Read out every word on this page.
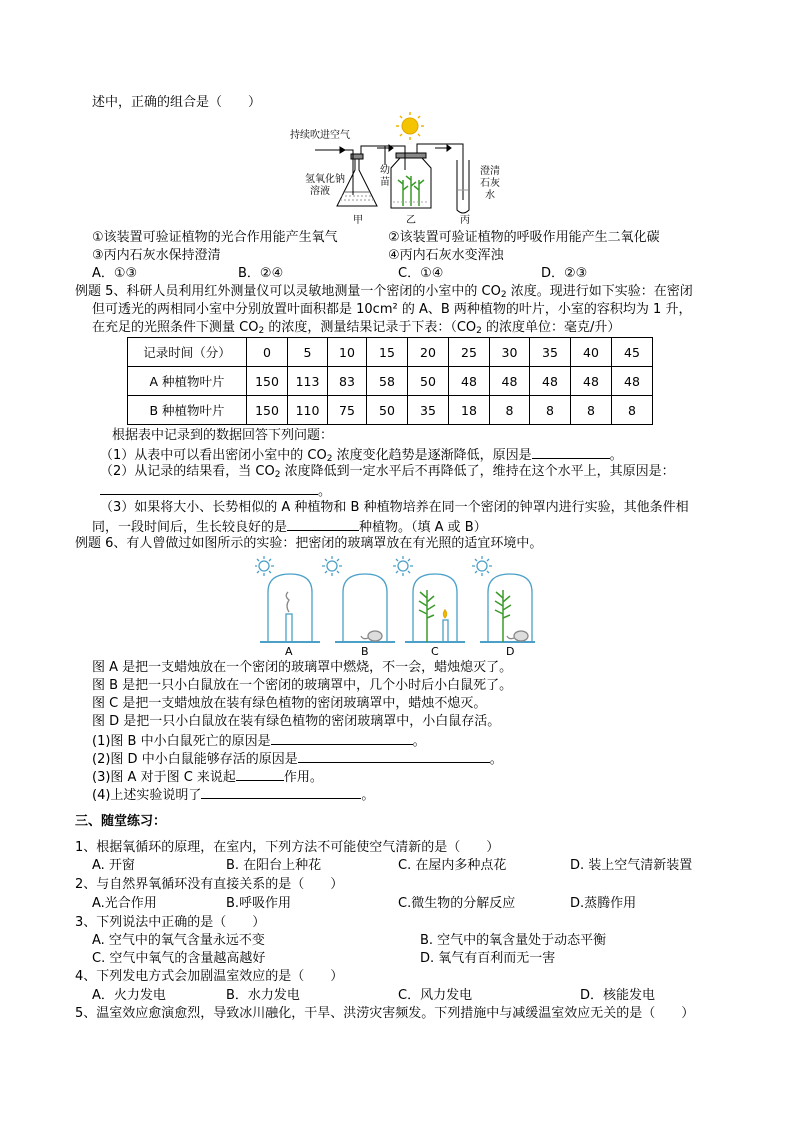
述中，正确的组合是（　　）
持续吹进空气
氢氧化钠
溶液
幼
苗
澄清
石灰
水
甲	乙	丙
①该装置可验证植物的光合作用能产生氧气	②该装置可验证植物的呼吸作用能产生二氧化碳
③丙内石灰水保持澄清	④丙内石灰水变浑浊
A．①③	B．②④	C．①④	D．②③
例题 5、科研人员利用红外测量仪可以灵敏地测量一个密闭的小室中的 $CO_2$ 浓度。现进行如下实验：在密闭
但可透光的两相同小室中分别放置叶面积都是 10cm² 的 A、B 两种植物的叶片，小室的容积均为 1 升，
在充足的光照条件下测量 $CO_2$ 的浓度，测量结果记录于下表：（$CO_2$ 的浓度单位：毫克/升）
记录时间（分）	0	5	10	15	20	25	30	35	40	45
A 种植物叶片	150	113	83	58	50	48	48	48	48	48
B 种植物叶片	150	110	75	50	35	18	8	8	8	8
根据表中记录到的数据回答下列问题：
（1）从表中可以看出密闭小室中的 $CO_2$ 浓度变化趋势是逐渐降低，原因是	。
（2）从记录的结果看，当 $CO_2$ 浓度降低到一定水平后不再降低了，维持在这个水平上，其原因是：
。
（3）如果将大小、长势相似的 A 种植物和 B 种植物培养在同一个密闭的钟罩内进行实验，其他条件相
同，一段时间后，生长较良好的是	种植物。（填 A 或 B）
例题 6、有人曾做过如图所示的实验：把密闭的玻璃罩放在有光照的适宜环境中。
A	B	C	D
图 A 是把一支蜡烛放在一个密闭的玻璃罩中燃烧，不一会，蜡烛熄灭了。
图 B 是把一只小白鼠放在一个密闭的玻璃罩中，几个小时后小白鼠死了。
图 C 是把一支蜡烛放在装有绿色植物的密闭玻璃罩中，蜡烛不熄灭。
图 D 是把一只小白鼠放在装有绿色植物的密闭玻璃罩中，小白鼠存活。
(1)图 B 中小白鼠死亡的原因是	。
(2)图 D 中小白鼠能够存活的原因是	。
(3)图 A 对于图 C 来说起	作用。
(4)上述实验说明了	。
三、随堂练习：
1、根据氧循环的原理，在室内，下列方法不可能使空气清新的是（　　）
A. 开窗	B. 在阳台上种花	C. 在屋内多种点花	D. 装上空气清新装置
2、与自然界氧循环没有直接关系的是（　　）
A.光合作用	B.呼吸作用	C.微生物的分解反应	D.蒸腾作用
3、下列说法中正确的是（　　）
A. 空气中的氧气含量永远不变	B. 空气中的氧含量处于动态平衡
C. 空气中氧气的含量越高越好	D. 氧气有百利而无一害
4、下列发电方式会加剧温室效应的是（　　）
A．火力发电	B．水力发电	C．风力发电	D．核能发电
5、温室效应愈演愈烈，导致冰川融化，干旱、洪涝灾害频发。下列措施中与减缓温室效应无关的是（　　）
